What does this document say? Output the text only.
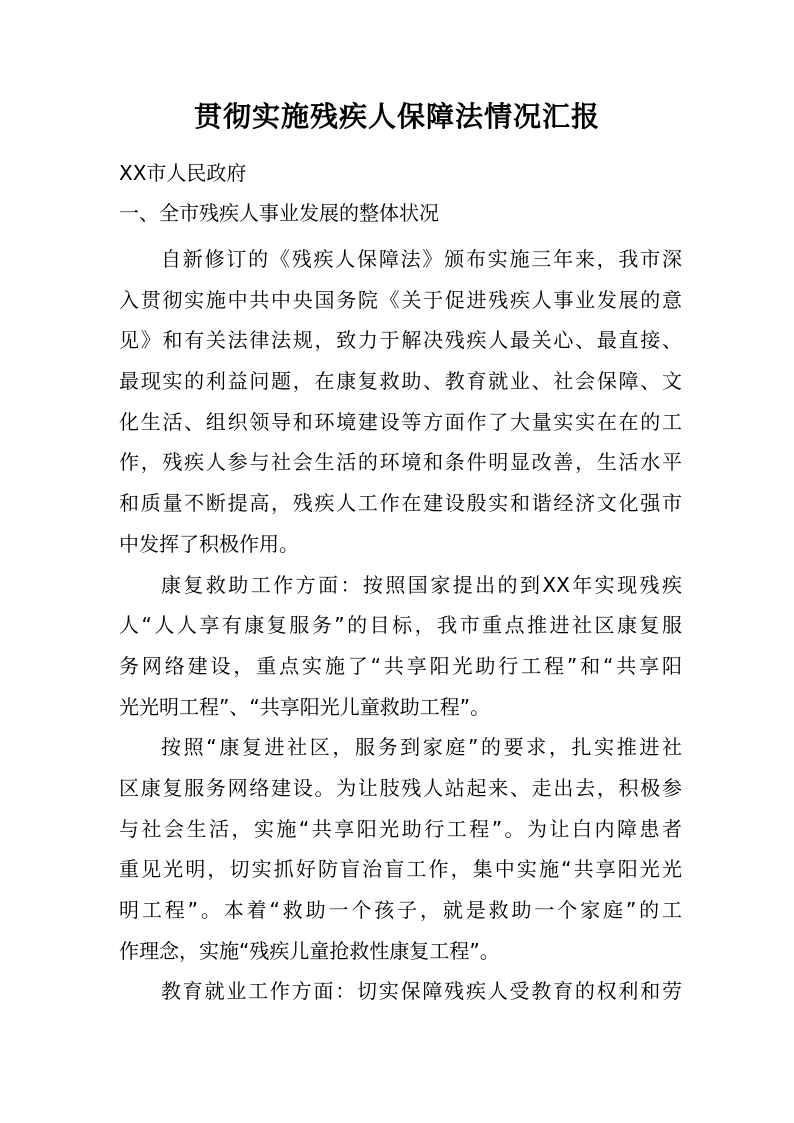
贯彻实施残疾人保障法情况汇报
XX市人民政府
一、全市残疾人事业发展的整体状况
自新修订的《残疾人保障法》颁布实施三年来，我市深
入贯彻实施中共中央国务院《关于促进残疾人事业发展的意
见》和有关法律法规，致力于解决残疾人最关心、最直接、
最现实的利益问题，在康复救助、教育就业、社会保障、文
化生活、组织领导和环境建设等方面作了大量实实在在的工
作，残疾人参与社会生活的环境和条件明显改善，生活水平
和质量不断提高，残疾人工作在建设殷实和谐经济文化强市
中发挥了积极作用。
康复救助工作方面：按照国家提出的到XX年实现残疾
人“人人享有康复服务”的目标，我市重点推进社区康复服
务网络建设，重点实施了“共享阳光助行工程”和“共享阳
光光明工程”、“共享阳光儿童救助工程”。
按照“康复进社区，服务到家庭”的要求，扎实推进社
区康复服务网络建设。为让肢残人站起来、走出去，积极参
与社会生活，实施“共享阳光助行工程”。为让白内障患者
重见光明，切实抓好防盲治盲工作，集中实施“共享阳光光
明工程”。本着“救助一个孩子，就是救助一个家庭”的工
作理念，实施“残疾儿童抢救性康复工程”。
教育就业工作方面：切实保障残疾人受教育的权利和劳
